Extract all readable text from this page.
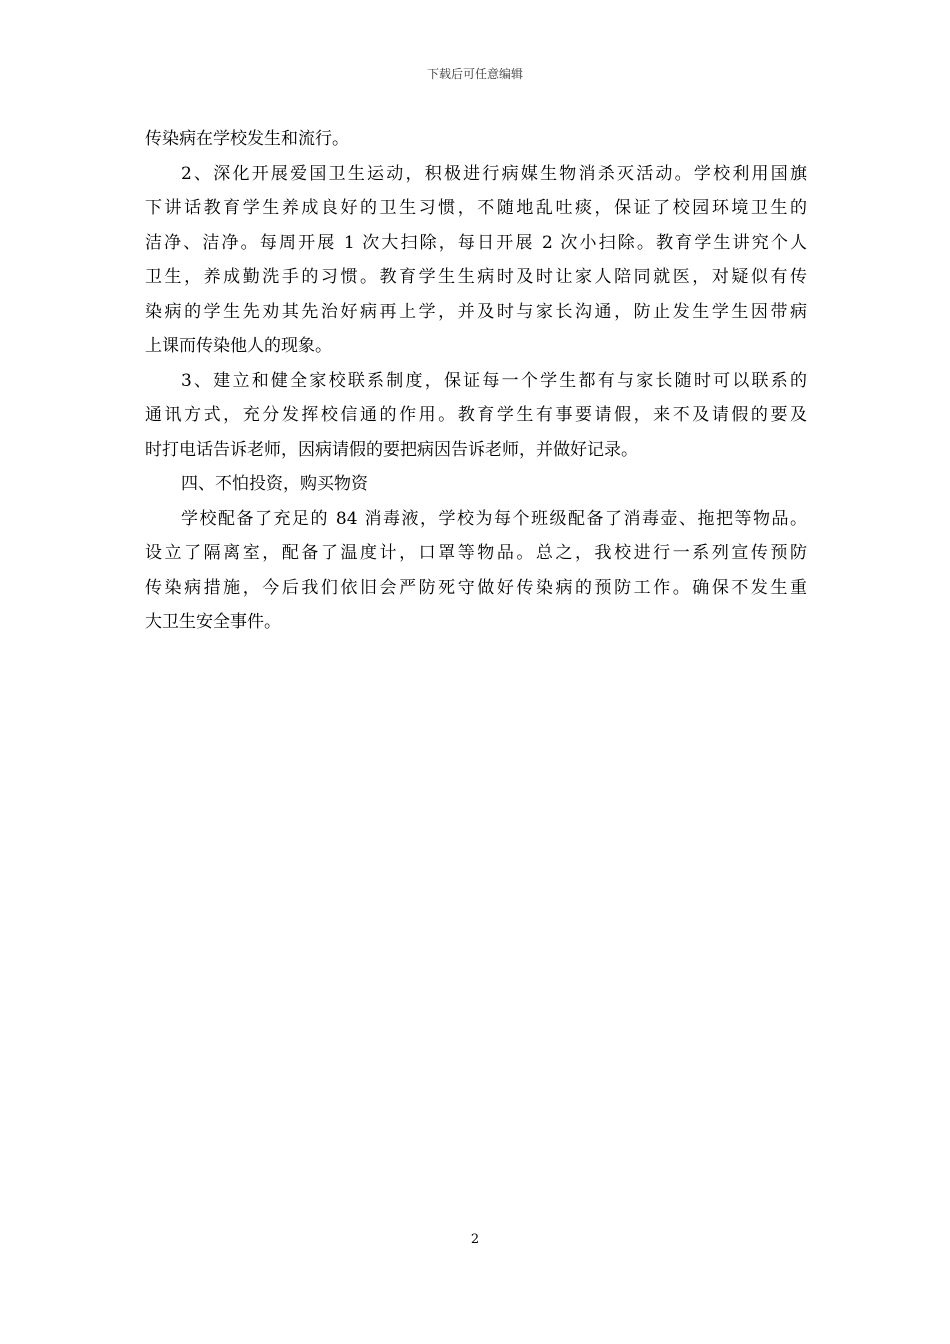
下载后可任意编辑
传染病在学校发生和流行。
2、深化开展爱国卫生运动，积极进行病媒生物消杀灭活动。学校利用国旗
下讲话教育学生养成良好的卫生习惯，不随地乱吐痰，保证了校园环境卫生的
洁净、洁净。每周开展 1 次大扫除，每日开展 2 次小扫除。教育学生讲究个人
卫生，养成勤洗手的习惯。教育学生生病时及时让家人陪同就医，对疑似有传
染病的学生先劝其先治好病再上学，并及时与家长沟通，防止发生学生因带病
上课而传染他人的现象。
3、建立和健全家校联系制度，保证每一个学生都有与家长随时可以联系的
通讯方式，充分发挥校信通的作用。教育学生有事要请假，来不及请假的要及
时打电话告诉老师，因病请假的要把病因告诉老师，并做好记录。
四、不怕投资，购买物资
学校配备了充足的 84 消毒液，学校为每个班级配备了消毒壶、拖把等物品。
设立了隔离室，配备了温度计，口罩等物品。总之，我校进行一系列宣传预防
传染病措施，今后我们依旧会严防死守做好传染病的预防工作。确保不发生重
大卫生安全事件。
2
